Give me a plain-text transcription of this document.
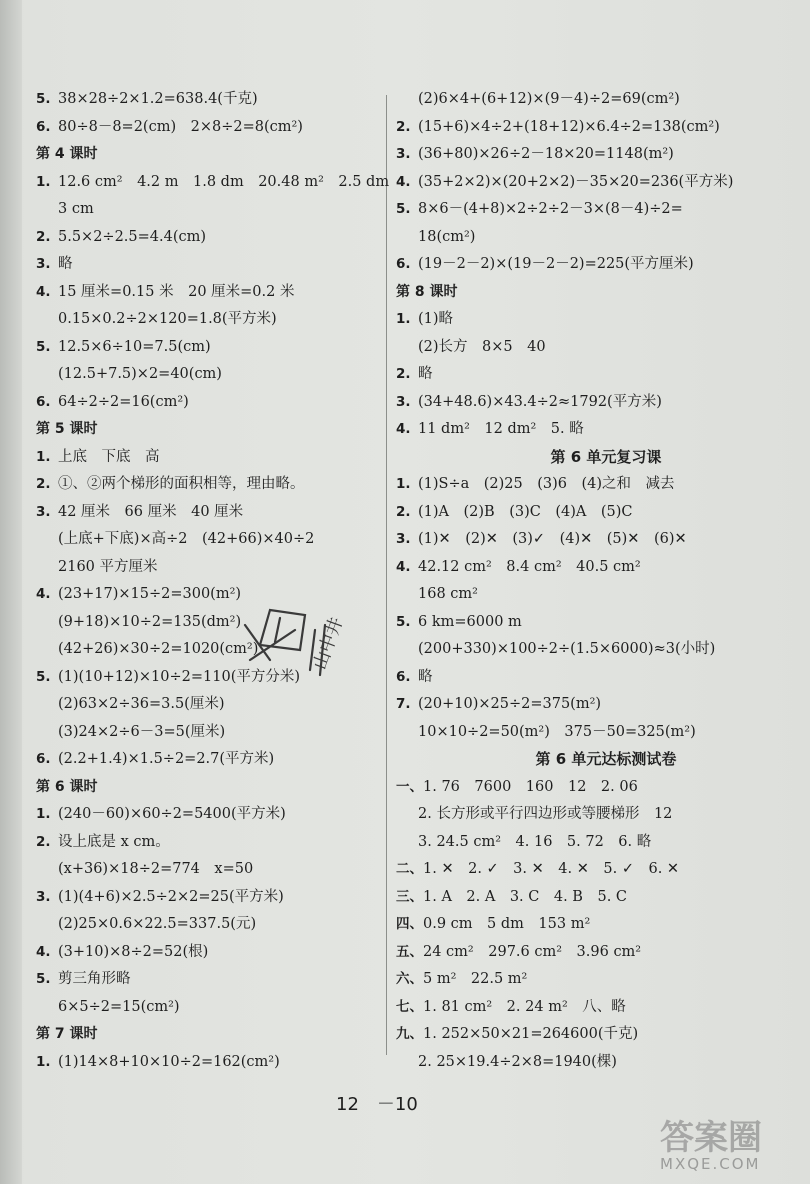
5. 38×28÷2×1.2=638.4(千克)
6. 80÷8－8=2(cm)　2×8÷2=8(cm²)
第 4 课时
1. 12.6 cm²　4.2 m　1.8 dm　20.48 m²　2.5 dm
3 cm
2. 5.5×2÷2.5=4.4(cm)
3. 略
4. 15 厘米=0.15 米　20 厘米=0.2 米
0.15×0.2÷2×120=1.8(平方米)
5. 12.5×6÷10=7.5(cm)
(12.5+7.5)×2=40(cm)
6. 64÷2÷2=16(cm²)
第 5 课时
1. 上底　下底　高
2. ①、②两个梯形的面积相等，理由略。
3. 42 厘米　66 厘米　40 厘米
(上底+下底)×高÷2　(42+66)×40÷2
2160 平方厘米
4. (23+17)×15÷2=300(m²)
(9+18)×10÷2=135(dm²)
(42+26)×30÷2=1020(cm²)
5. (1)(10+12)×10÷2=110(平方分米)
(2)63×2÷36=3.5(厘米)
(3)24×2÷6－3=5(厘米)
6. (2.2+1.4)×1.5÷2=2.7(平方米)
第 6 课时
1. (240－60)×60÷2=5400(平方米)
2. 设上底是 x cm。
(x+36)×18÷2=774　x=50
3. (1)(4+6)×2.5÷2×2=25(平方米)
(2)25×0.6×22.5=337.5(元)
4. (3+10)×8÷2=52(根)
5. 剪三角形略
6×5÷2=15(cm²)
第 7 课时
1. (1)14×8+10×10÷2=162(cm²)
(2)6×4+(6+12)×(9－4)÷2=69(cm²)
2. (15+6)×4÷2+(18+12)×6.4÷2=138(cm²)
3. (36+80)×26÷2－18×20=1148(m²)
4. (35+2×2)×(20+2×2)－35×20=236(平方米)
5. 8×6－(4+8)×2÷2÷2－3×(8－4)÷2=
18(cm²)
6. (19－2－2)×(19－2－2)=225(平方厘米)
第 8 课时
1. (1)略
(2)长方　8×5　40
2. 略
3. (34+48.6)×43.4÷2≈1792(平方米)
4. 11 dm²　12 dm²　5. 略
第 6 单元复习课
1. (1)S÷a　(2)25　(3)6　(4)之和　减去
2. (1)A　(2)B　(3)C　(4)A　(5)C
3. (1)✕　(2)✕　(3)✓　(4)✕　(5)✕　(6)✕
4. 42.12 cm²　8.4 cm²　40.5 cm²
168 cm²
5. 6 km=6000 m
(200+330)×100÷2÷(1.5×6000)≈3(小时)
6. 略
7. (20+10)×25÷2=375(m²)
10×10÷2=50(m²)　375－50=325(m²)
第 6 单元达标测试卷
一、1. 76　7600　160　12　2. 06
2. 长方形或平行四边形或等腰梯形　12
3. 24.5 cm²　4. 16　5. 72　6. 略
二、1. ✕　2. ✓　3. ✕　4. ✕　5. ✓　6. ✕
三、1. A　2. A　3. C　4. B　5. C
四、0.9 cm　5 dm　153 m²
五、24 cm²　297.6 cm²　3.96 cm²
六、5 m²　22.5 m²
七、1. 81 cm²　2. 24 m²　八、略
九、1. 252×50×21=264600(千克)
2. 25×19.4÷2×8=1940(棵)
山中井
12　－10
答案圈
MXQE.COM
